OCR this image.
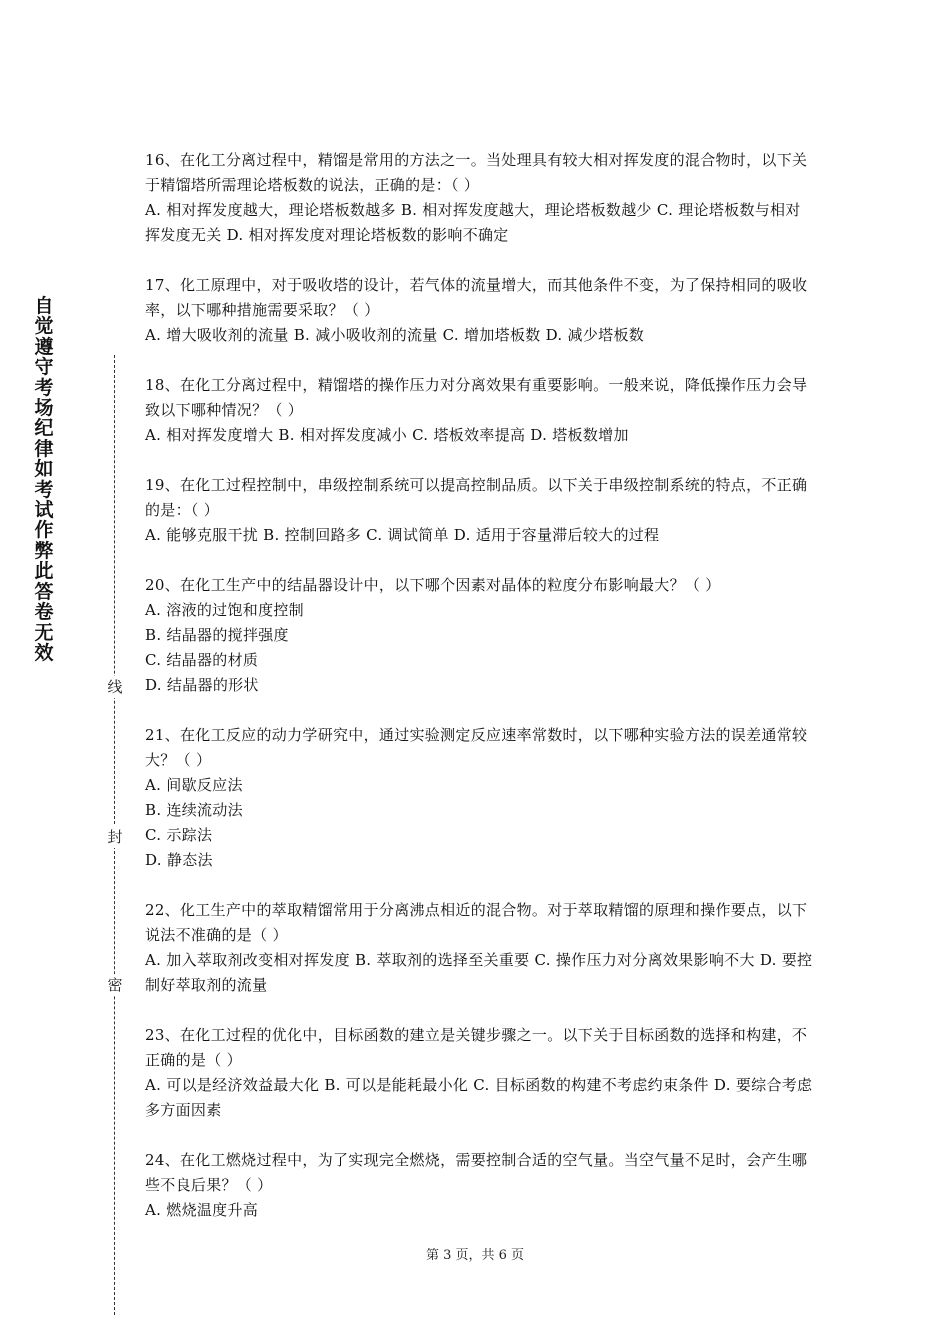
自觉遵守考场纪律如考试作弊此答卷无效
线
封
密
16、在化工分离过程中，精馏是常用的方法之一。当处理具有较大相对挥发度的混合物时，以下关于精馏塔所需理论塔板数的说法，正确的是：（ ）
A. 相对挥发度越大，理论塔板数越多 B. 相对挥发度越大，理论塔板数越少 C. 理论塔板数与相对挥发度无关 D. 相对挥发度对理论塔板数的影响不确定
17、化工原理中，对于吸收塔的设计，若气体的流量增大，而其他条件不变，为了保持相同的吸收率，以下哪种措施需要采取？（ ）
A. 增大吸收剂的流量 B. 减小吸收剂的流量 C. 增加塔板数 D. 减少塔板数
18、在化工分离过程中，精馏塔的操作压力对分离效果有重要影响。一般来说，降低操作压力会导致以下哪种情况？（ ）
A. 相对挥发度增大 B. 相对挥发度减小 C. 塔板效率提高 D. 塔板数增加
19、在化工过程控制中，串级控制系统可以提高控制品质。以下关于串级控制系统的特点，不正确的是：（ ）
A. 能够克服干扰 B. 控制回路多 C. 调试简单 D. 适用于容量滞后较大的过程
20、在化工生产中的结晶器设计中，以下哪个因素对晶体的粒度分布影响最大？（ ）
A. 溶液的过饱和度控制
B. 结晶器的搅拌强度
C. 结晶器的材质
D. 结晶器的形状
21、在化工反应的动力学研究中，通过实验测定反应速率常数时，以下哪种实验方法的误差通常较大？（ ）
A. 间歇反应法
B. 连续流动法
C. 示踪法
D. 静态法
22、化工生产中的萃取精馏常用于分离沸点相近的混合物。对于萃取精馏的原理和操作要点，以下说法不准确的是（ ）
A. 加入萃取剂改变相对挥发度 B. 萃取剂的选择至关重要 C. 操作压力对分离效果影响不大 D. 要控制好萃取剂的流量
23、在化工过程的优化中，目标函数的建立是关键步骤之一。以下关于目标函数的选择和构建，不正确的是（ ）
A. 可以是经济效益最大化 B. 可以是能耗最小化 C. 目标函数的构建不考虑约束条件 D. 要综合考虑多方面因素
24、在化工燃烧过程中，为了实现完全燃烧，需要控制合适的空气量。当空气量不足时，会产生哪些不良后果？（ ）
A. 燃烧温度升高
第 3 页，共 6 页
